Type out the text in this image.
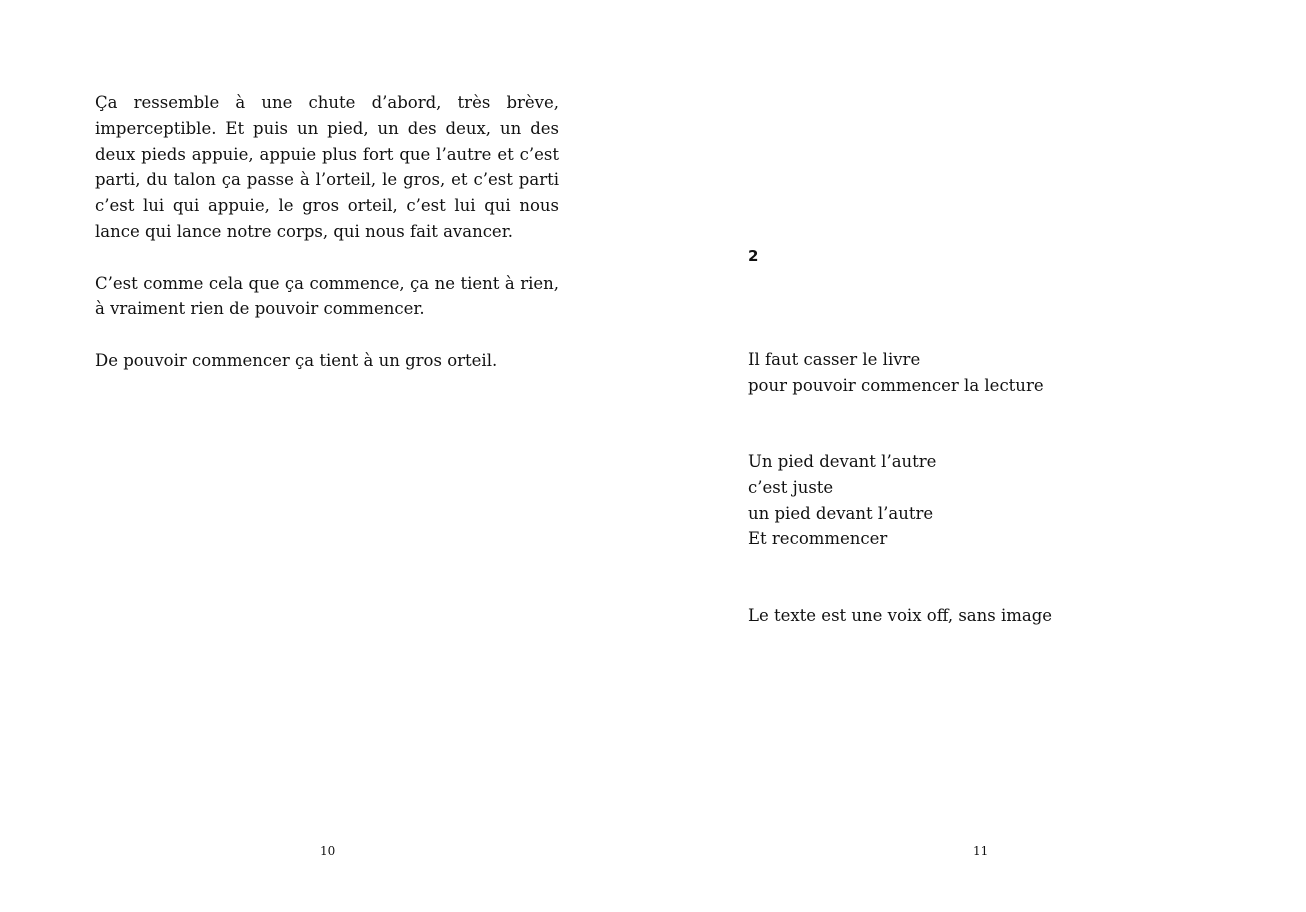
Ça ressemble à une chute d’abord, très brève, imperceptible. Et puis un pied, un des deux, un des deux pieds appuie, appuie plus fort que l’autre et c’est parti, du talon ça passe à l’orteil, le gros, et c’est parti c’est lui qui appuie, le gros orteil, c’est lui qui nous lance qui lance notre corps, qui nous fait avancer.

C’est comme cela que ça commence, ça ne tient à rien, à vraiment rien de pouvoir commencer.

De pouvoir commencer ça tient à un gros orteil.

10
2
Il faut casser le livre
pour pouvoir commencer la lecture
Un pied devant l’autre
c’est juste
un pied devant l’autre
Et recommencer
Le texte est une voix off, sans image
11
